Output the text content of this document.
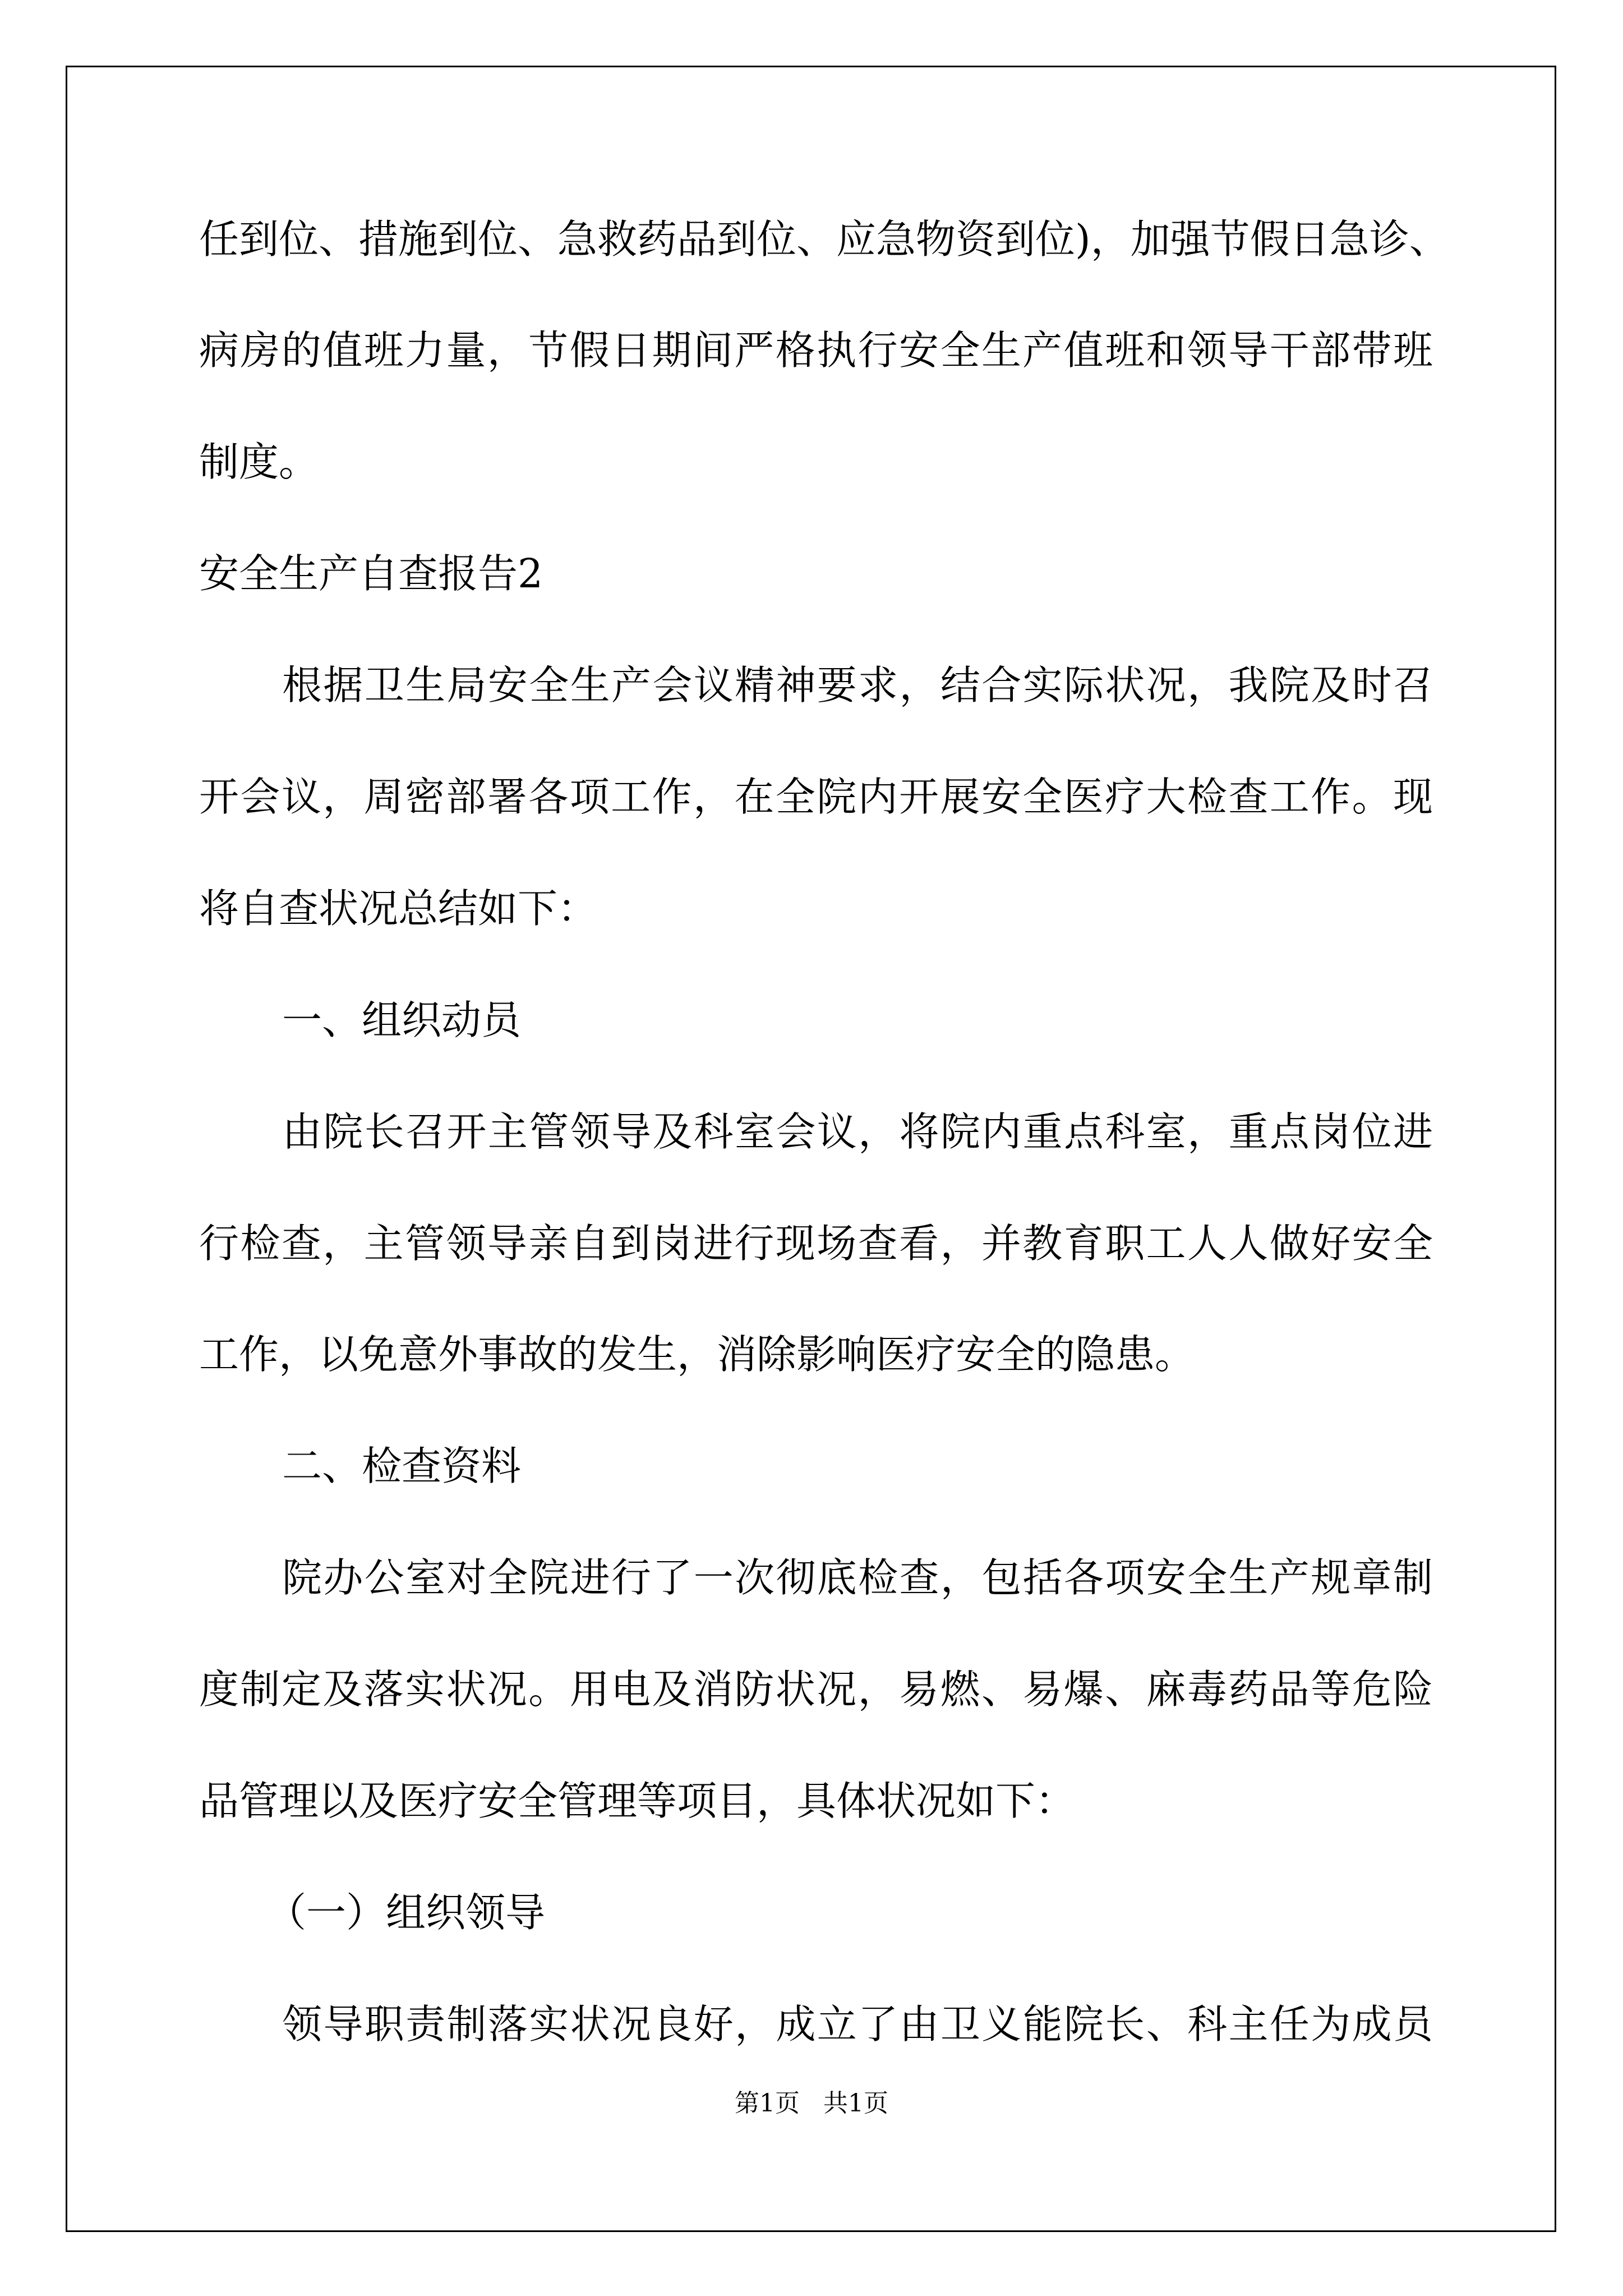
任到位、措施到位、急救药品到位、应急物资到位)，加强节假日急诊、
病房的值班力量，节假日期间严格执行安全生产值班和领导干部带班
制度。
安全生产自查报告2
根据卫生局安全生产会议精神要求，结合实际状况，我院及时召
开会议，周密部署各项工作，在全院内开展安全医疗大检查工作。现
将自查状况总结如下：
一、组织动员
由院长召开主管领导及科室会议，将院内重点科室，重点岗位进
行检查，主管领导亲自到岗进行现场查看，并教育职工人人做好安全
工作，以免意外事故的发生，消除影响医疗安全的隐患。
二、检查资料
院办公室对全院进行了一次彻底检查，包括各项安全生产规章制
度制定及落实状况。用电及消防状况，易燃、易爆、麻毒药品等危险
品管理以及医疗安全管理等项目，具体状况如下：
（一）组织领导
领导职责制落实状况良好，成立了由卫义能院长、科主任为成员
第1页   共1页
